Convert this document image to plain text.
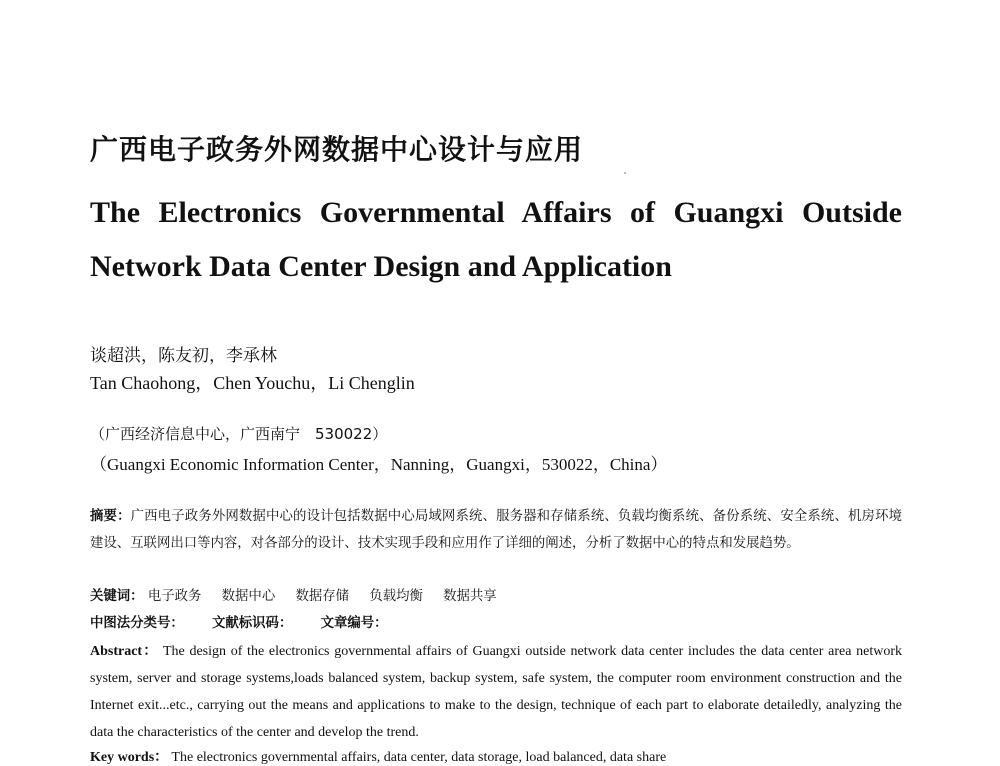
广西电子政务外网数据中心设计与应用
The Electronics Governmental Affairs of Guangxi Outside
Network Data Center Design and Application
谈超洪，陈友初，李承林
Tan Chaohong，Chen Youchu，Li Chenglin
（广西经济信息中心，广西南宁　530022）
（Guangxi Economic Information Center，Nanning，Guangxi，530022，China）
摘要：广西电子政务外网数据中心的设计包括数据中心局域网系统、服务器和存储系统、负载均衡系统、备份系统、安全系统、机房环境建设、互联网出口等内容，对各部分的设计、技术实现手段和应用作了详细的阐述，分析了数据中心的特点和发展趋势。
关键词： 电子政务 数据中心 数据存储 负载均衡 数据共享
中图法分类号： 文献标识码： 文章编号：
Abstract： The design of the electronics governmental affairs of Guangxi outside network data center includes the data center area network system, server and storage systems,loads balanced system, backup system, safe system, the computer room environment construction and the Internet exit...etc., carrying out the means and applications to make to the design, technique of each part to elaborate detailedly, analyzing the data the characteristics of the center and develop the trend.
Key words： The electronics governmental affairs, data center, data storage, load balanced, data share
